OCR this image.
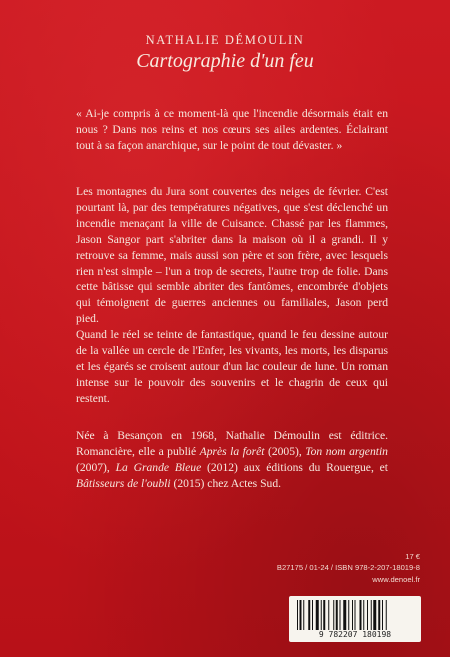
NATHALIE DÉMOULIN
Cartographie d'un feu

« Ai-je compris à ce moment-là que l'incendie désormais était en nous ? Dans nos reins et nos cœurs ses ailes ardentes. Éclairant tout à sa façon anarchique, sur le point de tout dévaster. »

Les montagnes du Jura sont couvertes des neiges de février. C'est pourtant là, par des températures négatives, que s'est déclenché un incendie menaçant la ville de Cuisance. Chassé par les flammes, Jason Sangor part s'abriter dans la maison où il a grandi. Il y retrouve sa femme, mais aussi son père et son frère, avec lesquels rien n'est simple – l'un a trop de secrets, l'autre trop de folie. Dans cette bâtisse qui semble abriter des fantômes, encombrée d'objets qui témoignent de guerres anciennes ou familiales, Jason perd pied.

Quand le réel se teinte de fantastique, quand le feu dessine autour de la vallée un cercle de l'Enfer, les vivants, les morts, les disparus et les égarés se croisent autour d'un lac couleur de lune. Un roman intense sur le pouvoir des souvenirs et le chagrin de ceux qui restent.

Née à Besançon en 1968, Nathalie Démoulin est éditrice. Romancière, elle a publié Après la forêt (2005), Ton nom argentin (2007), La Grande Bleue (2012) aux éditions du Rouergue, et Bâtisseurs de l'oubli (2015) chez Actes Sud.

17 €
B27175 / 01-24 / ISBN 978-2-207-18019-8
www.denoel.fr
9 782207 180198
